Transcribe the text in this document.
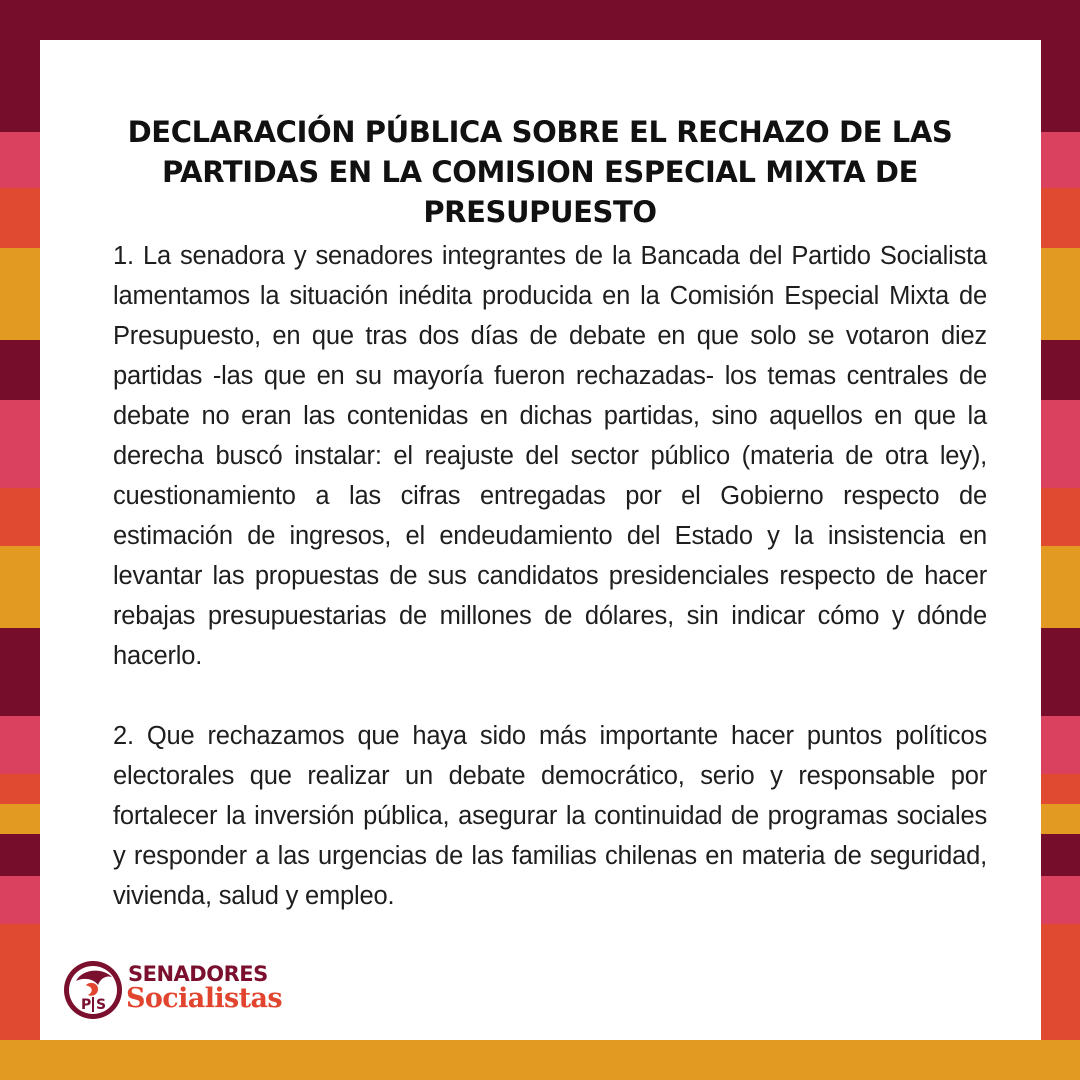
DECLARACIÓN PÚBLICA SOBRE EL RECHAZO DE LAS PARTIDAS EN LA COMISION ESPECIAL MIXTA DE PRESUPUESTO

1. La senadora y senadores integrantes de la Bancada del Partido Socialista lamentamos la situación inédita producida en la Comisión Especial Mixta de Presupuesto, en que tras dos días de debate en que solo se votaron diez partidas -las que en su mayoría fueron rechazadas- los temas centrales de debate no eran las contenidas en dichas partidas, sino aquellos en que la derecha buscó instalar: el reajuste del sector público (materia de otra ley), cuestionamiento a las cifras entregadas por el Gobierno respecto de estimación de ingresos, el endeudamiento del Estado y la insistencia en levantar las propuestas de sus candidatos presidenciales respecto de hacer rebajas presupuestarias de millones de dólares, sin indicar cómo y dónde hacerlo.

2. Que rechazamos que haya sido más importante hacer puntos políticos electorales que realizar un debate democrático, serio y responsable por fortalecer la inversión pública, asegurar la continuidad de programas sociales y responder a las urgencias de las familias chilenas en materia de seguridad, vivienda, salud y empleo.

P S

SENADORES

Socialistas
